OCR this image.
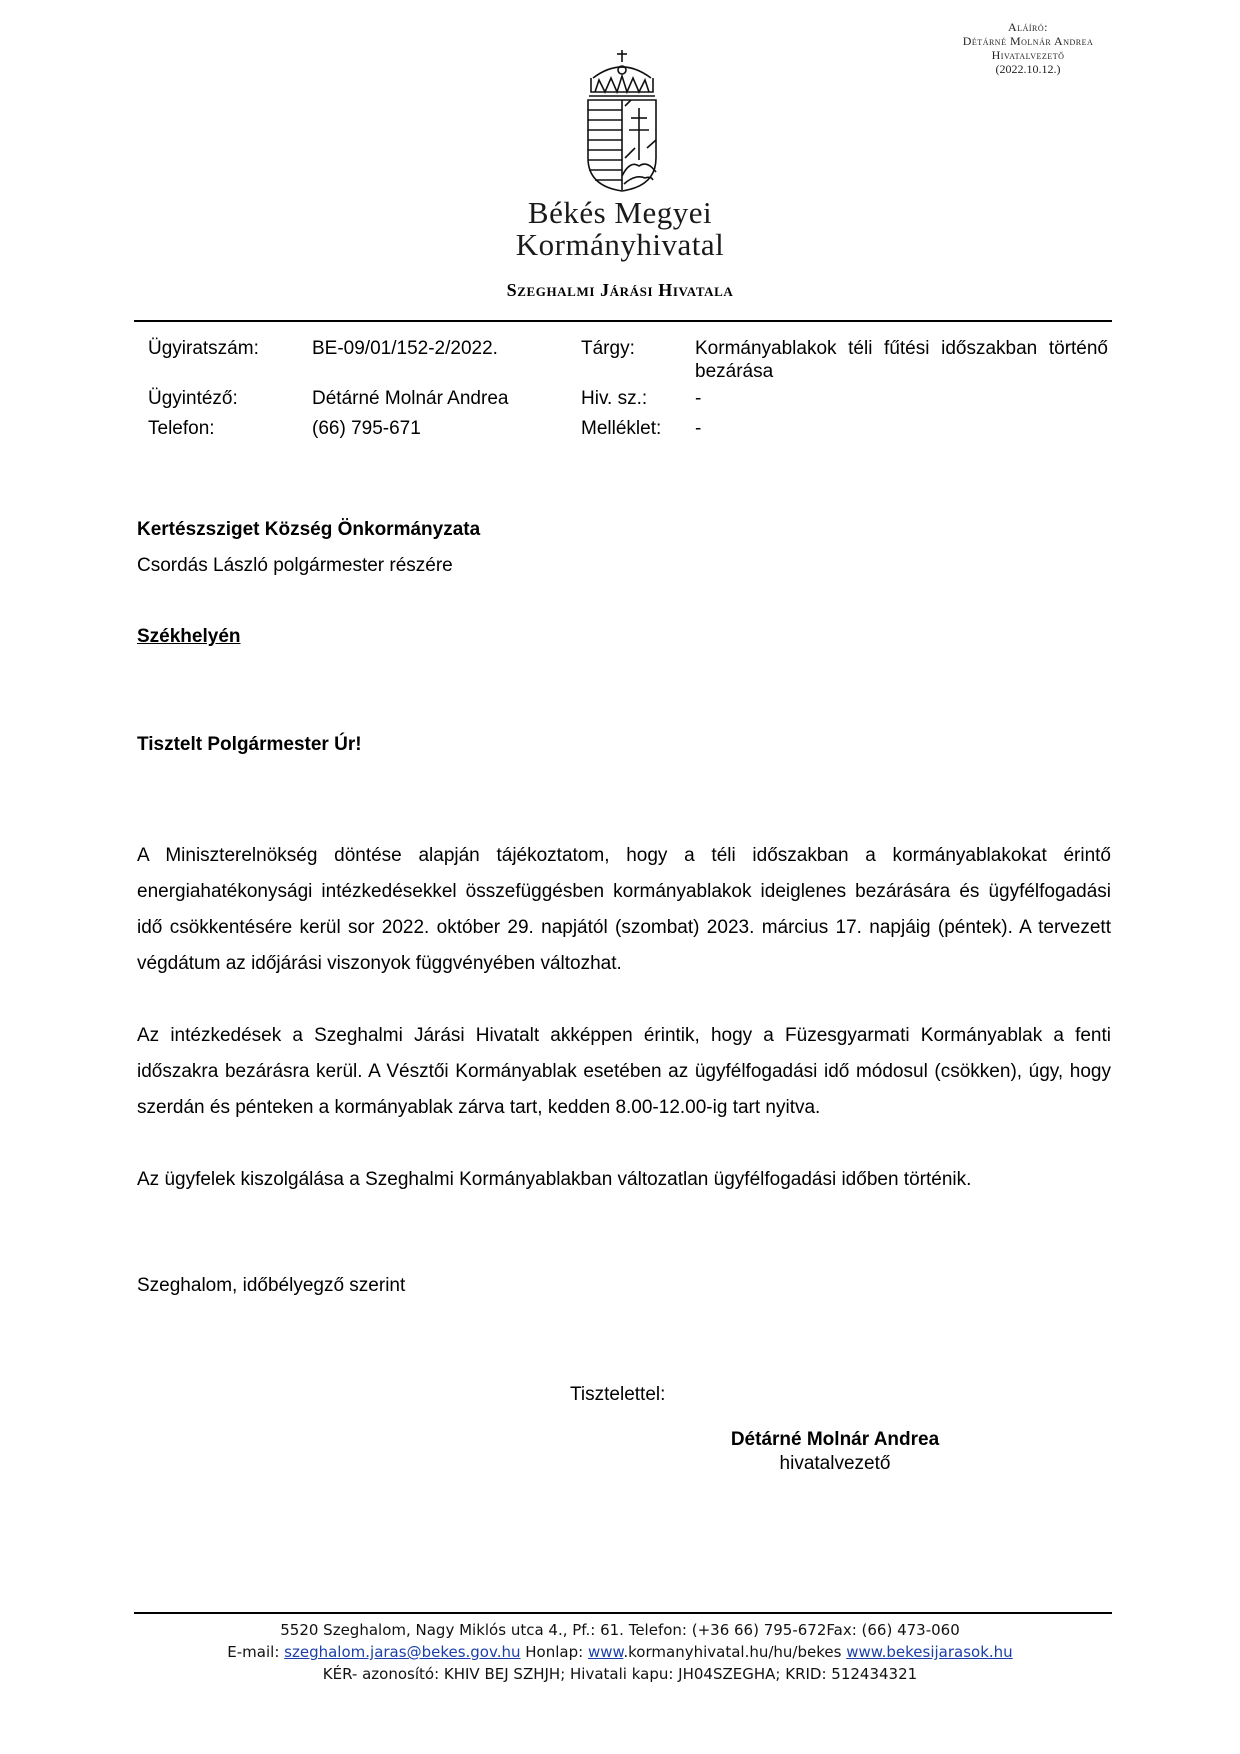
Aláíró:
Détárné Molnár Andrea
Hivatalvezető
(2022.10.12.)
Békés Megyei
Kormányhivatal
Szeghalmi Járási Hivatala
Ügyiratszám:	BE-09/01/152-2/2022.	Tárgy:	Kormányablakok téli fűtési időszakban történő bezárása
Ügyintéző:	Détárné Molnár Andrea	Hiv. sz.:	-
Telefon:	(66) 795-671	Melléklet: -
Kertészsziget Község Önkormányzata
Csordás László polgármester részére
Székhelyén
Tisztelt Polgármester Úr!

A Miniszterelnökség döntése alapján tájékoztatom, hogy a téli időszakban a kormányablakokat érintő energiahatékonysági intézkedésekkel összefüggésben kormányablakok ideiglenes bezárására és ügyfélfogadási idő csökkentésére kerül sor 2022. október 29. napjától (szombat) 2023. március 17. napjáig (péntek). A tervezett végdátum az időjárási viszonyok függvényében változhat.

Az intézkedések a Szeghalmi Járási Hivatalt akképpen érintik, hogy a Füzesgyarmati Kormányablak a fenti időszakra bezárásra kerül. A Vésztői Kormányablak esetében az ügyfélfogadási idő módosul (csökken), úgy, hogy szerdán és pénteken a kormányablak zárva tart, kedden 8.00-12.00-ig tart nyitva.

Az ügyfelek kiszolgálása a Szeghalmi Kormányablakban változatlan ügyfélfogadási időben történik.

Szeghalom, időbélyegző szerint
Tisztelettel:
Détárné Molnár Andrea
hivatalvezető
5520 Szeghalom, Nagy Miklós utca 4., Pf.: 61. Telefon: (+36 66) 795-672Fax: (66) 473-060
E-mail: szeghalom.jaras@bekes.gov.hu Honlap: www.kormanyhivatal.hu/hu/bekes www.bekesijarasok.hu
KÉR- azonosító: KHIV BEJ SZHJH; Hivatali kapu: JH04SZEGHA; KRID: 512434321
